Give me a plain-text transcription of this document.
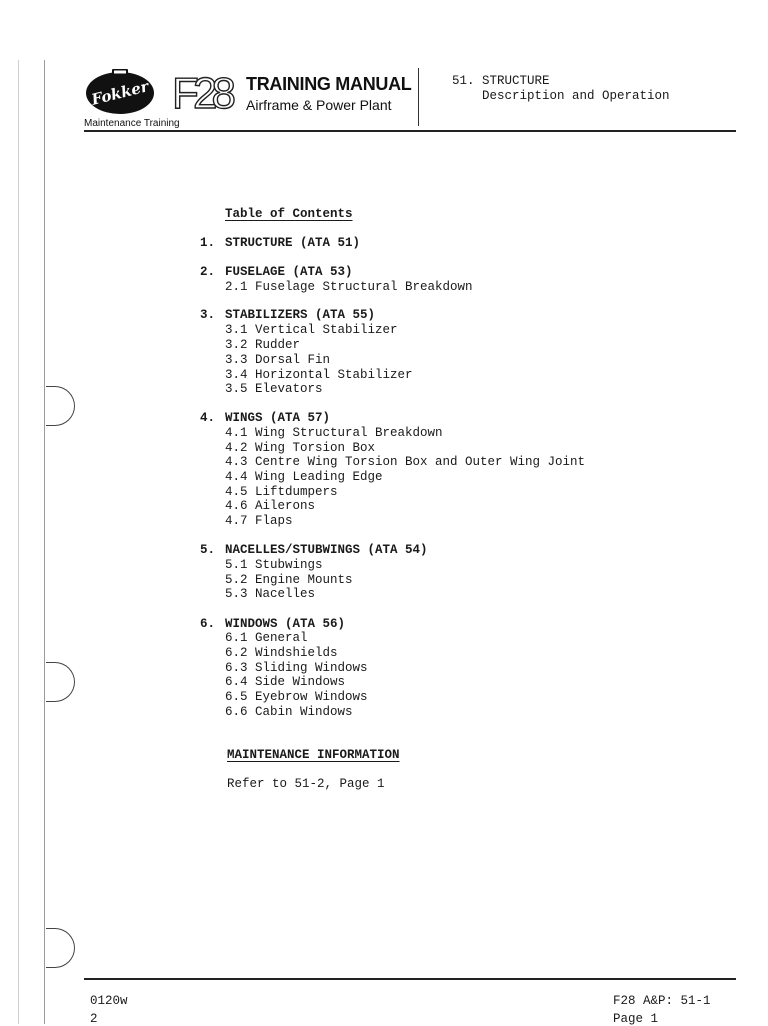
Fokker F28 TRAINING MANUAL
Airframe & Power Plant
Maintenance Training
51. STRUCTURE
Description and Operation
Table of Contents
1. STRUCTURE (ATA 51)
2. FUSELAGE (ATA 53)
2.1 Fuselage Structural Breakdown
3. STABILIZERS (ATA 55)
3.1 Vertical Stabilizer
3.2 Rudder
3.3 Dorsal Fin
3.4 Horizontal Stabilizer
3.5 Elevators
4. WINGS (ATA 57)
4.1 Wing Structural Breakdown
4.2 Wing Torsion Box
4.3 Centre Wing Torsion Box and Outer Wing Joint
4.4 Wing Leading Edge
4.5 Liftdumpers
4.6 Ailerons
4.7 Flaps
5. NACELLES/STUBWINGS (ATA 54)
5.1 Stubwings
5.2 Engine Mounts
5.3 Nacelles
6. WINDOWS (ATA 56)
6.1 General
6.2 Windshields
6.3 Sliding Windows
6.4 Side Windows
6.5 Eyebrow Windows
6.6 Cabin Windows
MAINTENANCE INFORMATION
Refer to 51-2, Page 1
0120w	F28 A&P: 51-1
2	Page 1
